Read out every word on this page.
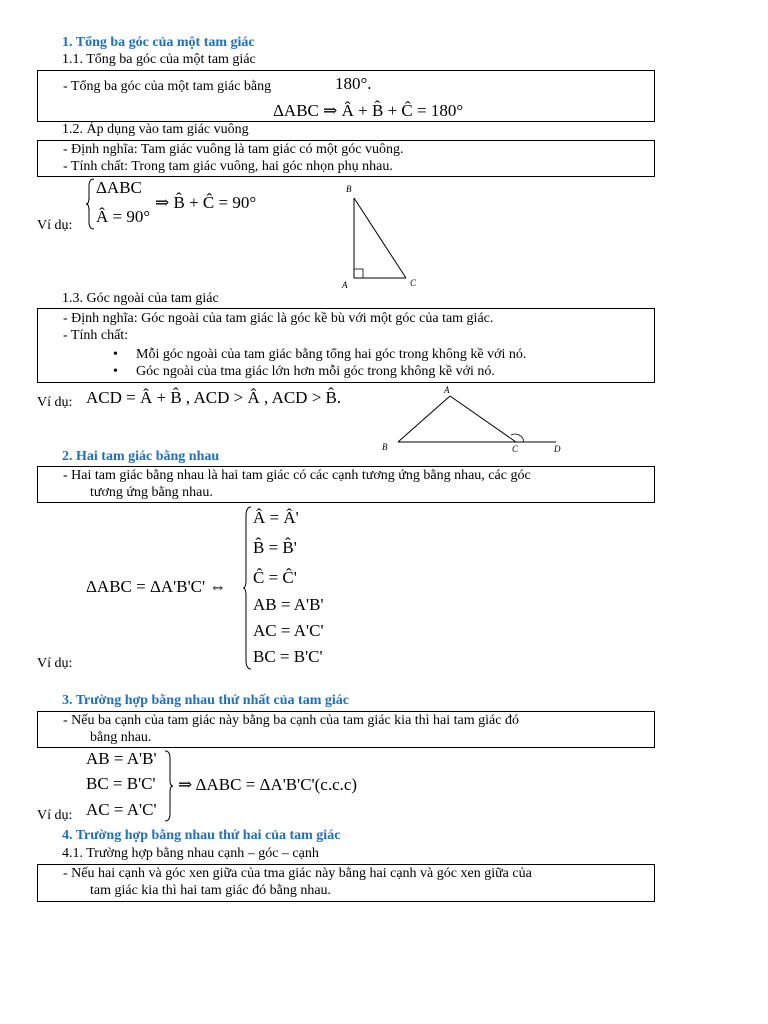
1. Tổng ba góc của một tam giác
1.1. Tổng ba góc của một tam giác
- Tổng ba góc của một tam giác bằng	180°.
ΔABC ⇒ Â + B̂ + Ĉ = 180°
1.2. Áp dụng vào tam giác vuông
- Định nghĩa: Tam giác vuông là tam giác có một góc vuông.
- Tính chất: Trong tam giác vuông, hai góc nhọn phụ nhau.
Ví dụ:
ΔABC
Â = 90°
⇒ B̂ + Ĉ = 90°
B
A	C
1.3. Góc ngoài của tam giác
- Định nghĩa: Góc ngoài của tam giác là góc kề bù với một góc của tam giác.
- Tính chất:
• Mỗi góc ngoài của tam giác bằng tổng hai góc trong không kề với nó.
• Góc ngoài của tma giác lớn hơn mỗi góc trong không kề với nó.
Ví dụ: ACD = Â + B̂ , ACD > Â , ACD > B̂.	A
B	C	D
2. Hai tam giác bằng nhau
- Hai tam giác bằng nhau là hai tam giác có các cạnh tương ứng bằng nhau, các góc
tương ứng bằng nhau.
ΔABC = ΔA'B'C' ⇔
Â = Â'
B̂ = B̂'
Ĉ = Ĉ'
AB = A'B'
AC = A'C'
BC = B'C'
Ví dụ:
3. Trường hợp bằng nhau thứ nhất của tam giác
- Nếu ba cạnh của tam giác này bằng ba cạnh của tam giác kia thì hai tam giác đó
bằng nhau.
AB = A'B'
BC = B'C'
AC = A'C'
⇒ ΔABC = ΔA'B'C'(c.c.c)
Ví dụ:
4. Trường hợp bằng nhau thứ hai của tam giác
4.1. Trường hợp bằng nhau cạnh – góc – cạnh
- Nếu hai cạnh và góc xen giữa của tma giác này bằng hai cạnh và góc xen giữa của
tam giác kia thì hai tam giác đó bằng nhau.
